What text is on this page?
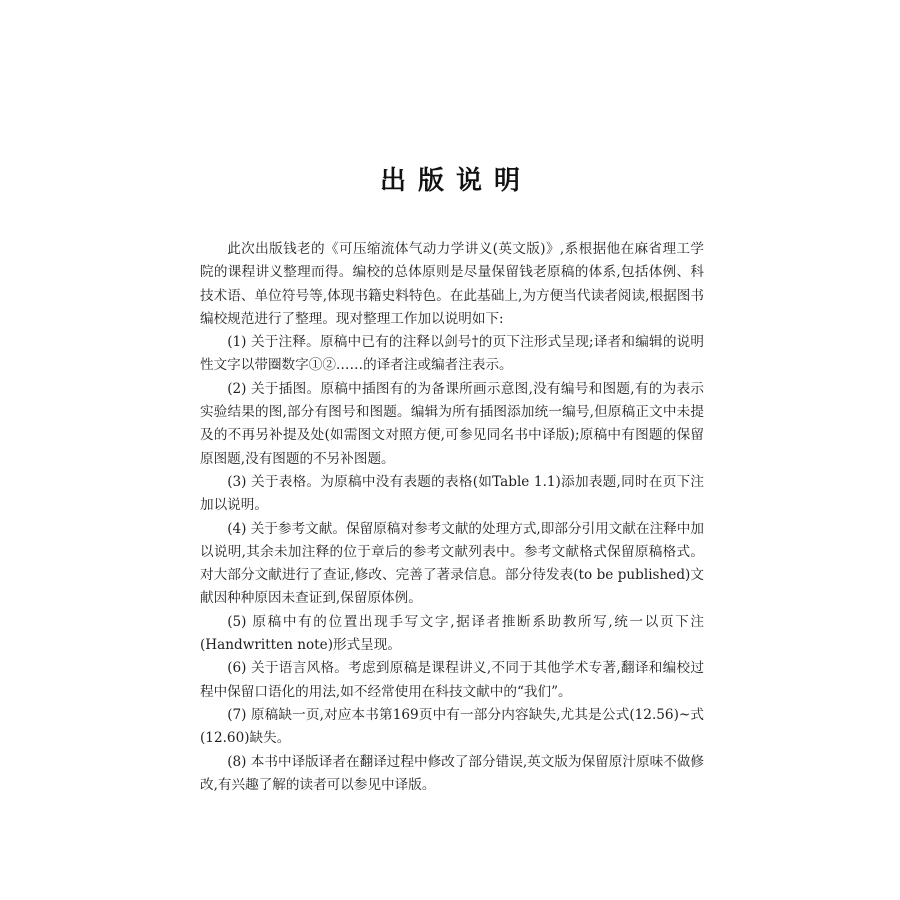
出版说明

此次出版钱老的《可压缩流体气动力学讲义(英文版)》,系根据他在麻省理工学院的课程讲义整理而得。编校的总体原则是尽量保留钱老原稿的体系,包括体例、科技术语、单位符号等,体现书籍史料特色。在此基础上,为方便当代读者阅读,根据图书编校规范进行了整理。现对整理工作加以说明如下:

(1) 关于注释。原稿中已有的注释以剑号†的页下注形式呈现;译者和编辑的说明性文字以带圈数字①②……的译者注或编者注表示。

(2) 关于插图。原稿中插图有的为备课所画示意图,没有编号和图题,有的为表示实验结果的图,部分有图号和图题。编辑为所有插图添加统一编号,但原稿正文中未提及的不再另补提及处(如需图文对照方便,可参见同名书中译版);原稿中有图题的保留原图题,没有图题的不另补图题。

(3) 关于表格。为原稿中没有表题的表格(如Table 1.1)添加表题,同时在页下注加以说明。

(4) 关于参考文献。保留原稿对参考文献的处理方式,即部分引用文献在注释中加以说明,其余未加注释的位于章后的参考文献列表中。参考文献格式保留原稿格式。对大部分文献进行了查证,修改、完善了著录信息。部分待发表(to be published)文献因种种原因未查证到,保留原体例。

(5) 原稿中有的位置出现手写文字,据译者推断系助教所写,统一以页下注(Handwritten note)形式呈现。

(6) 关于语言风格。考虑到原稿是课程讲义,不同于其他学术专著,翻译和编校过程中保留口语化的用法,如不经常使用在科技文献中的“我们”。

(7) 原稿缺一页,对应本书第169页中有一部分内容缺失,尤其是公式(12.56)~式(12.60)缺失。

(8) 本书中译版译者在翻译过程中修改了部分错误,英文版为保留原汁原味不做修改,有兴趣了解的读者可以参见中译版。
